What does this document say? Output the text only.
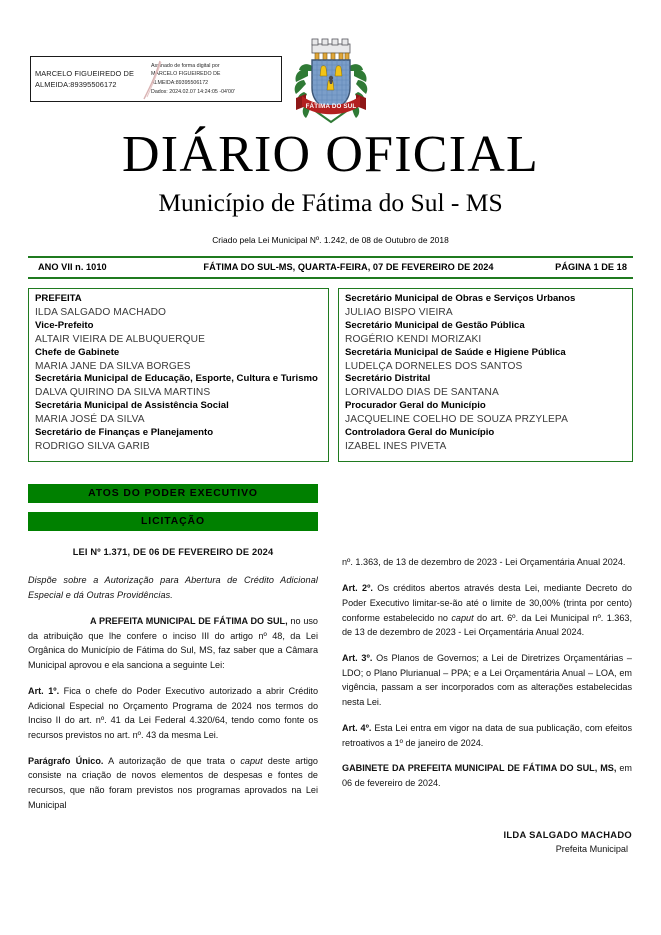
MARCELO FIGUEIREDO DE
ALMEIDA:89395506172
Assinado de forma digital por
MARCELO FIGUEIREDO DE
ALMEIDA:89395506172
Dados: 2024.02.07 14:24:05 -04'00'
FÁTIMA DO SUL
DIÁRIO OFICIAL
Município de Fátima do Sul - MS
Criado pela Lei Municipal Nº. 1.242, de 08 de Outubro de 2018
ANO VII n. 1010	FÁTIMA DO SUL-MS, QUARTA-FEIRA, 07 DE FEVEREIRO DE 2024	PÁGINA 1 DE 18
PREFEITA
ILDA SALGADO MACHADO
Vice-Prefeito
ALTAIR VIEIRA DE ALBUQUERQUE
Chefe de Gabinete
MARIA JANE DA SILVA BORGES
Secretária Municipal de Educação, Esporte, Cultura e Turismo
DALVA QUIRINO DA SILVA MARTINS
Secretária Municipal de Assistência Social
MARIA JOSÉ DA SILVA
Secretário de Finanças e Planejamento
RODRIGO SILVA GARIB
Secretário Municipal de Obras e Serviços Urbanos
JULIAO BISPO VIEIRA
Secretário Municipal de Gestão Pública
ROGÉRIO KENDI MORIZAKI
Secretária Municipal de Saúde e Higiene Pública
LUDELÇA DORNELES DOS SANTOS
Secretário Distrital
LORIVALDO DIAS DE SANTANA
Procurador Geral do Município
JACQUELINE COELHO DE SOUZA PRZYLEPA
Controladora Geral do Município
IZABEL INES PIVETA
ATOS DO PODER EXECUTIVO
LICITAÇÃO

LEI Nº 1.371, DE 06 DE FEVEREIRO DE 2024

Dispõe sobre a Autorização para Abertura de Crédito Adicional Especial e dá Outras Providências.

A PREFEITA MUNICIPAL DE FÁTIMA DO SUL, no uso da atribuição que lhe confere o inciso III do artigo nº 48, da Lei Orgânica do Município de Fátima do Sul, MS, faz saber que a Câmara Municipal aprovou e ela sanciona a seguinte Lei:

Art. 1º. Fica o chefe do Poder Executivo autorizado a abrir Crédito Adicional Especial no Orçamento Programa de 2024 nos termos do Inciso II do art. nº. 41 da Lei Federal 4.320/64, tendo como fonte os recursos previstos no art. nº. 43 da mesma Lei.

Parágrafo Único. A autorização de que trata o caput deste artigo consiste na criação de novos elementos de despesas e fontes de recursos, que não foram previstos nos programas aprovados na Lei Municipal

nº. 1.363, de 13 de dezembro de 2023 - Lei Orçamentária Anual 2024.

Art. 2º. Os créditos abertos através desta Lei, mediante Decreto do Poder Executivo limitar-se-ão até o limite de 30,00% (trinta por cento) conforme estabelecido no caput do art. 6º. da Lei Municipal nº. 1.363, de 13 de dezembro de 2023 - Lei Orçamentária Anual 2024.

Art. 3º. Os Planos de Governos; a Lei de Diretrizes Orçamentárias – LDO; o Plano Plurianual – PPA; e a Lei Orçamentária Anual – LOA, em vigência, passam a ser incorporados com as alterações estabelecidas nesta Lei.

Art. 4º. Esta Lei entra em vigor na data de sua publicação, com efeitos retroativos a 1º de janeiro de 2024.

GABINETE DA PREFEITA MUNICIPAL DE FÁTIMA DO SUL, MS, em 06 de fevereiro de 2024.

ILDA SALGADO MACHADO
Prefeita Municipal
